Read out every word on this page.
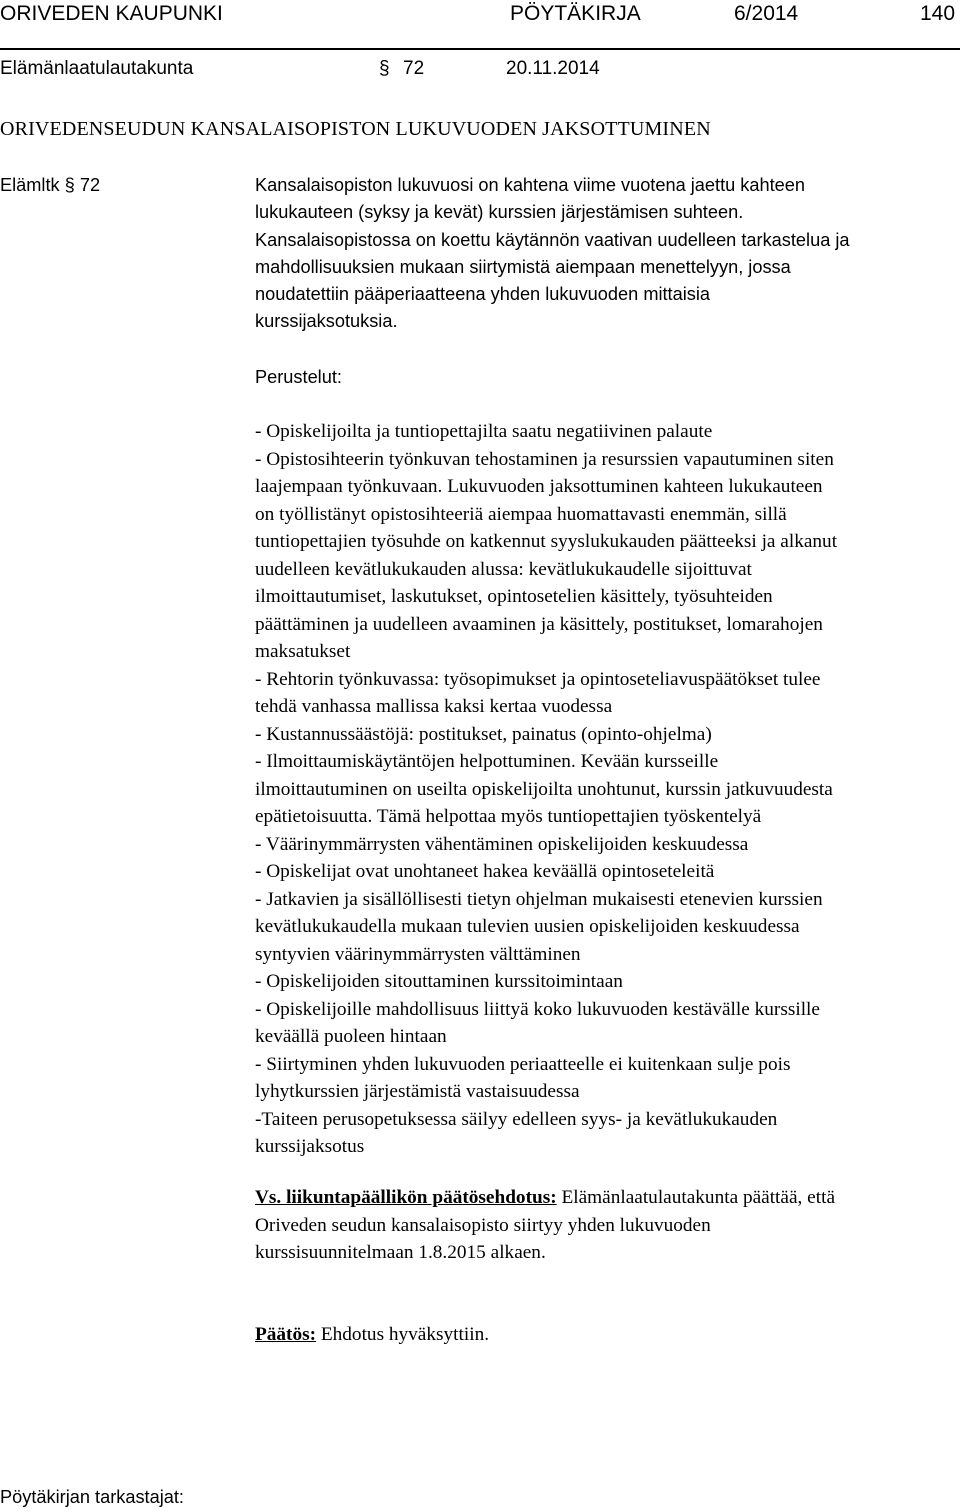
ORIVEDEN KAUPUNKI	PÖYTÄKIRJA	6/2014	140
Elämänlaatulautakunta	§ 72	20.11.2014
ORIVEDENSEUDUN KANSALAISOPISTON LUKUVUODEN JAKSOTTUMINEN
Elämltk § 72	Kansalaisopiston lukuvuosi on kahtena viime vuotena jaettu kahteen
lukukauteen (syksy ja kevät) kurssien järjestämisen suhteen.
Kansalaisopistossa on koettu käytännön vaativan uudelleen tarkastelua ja
mahdollisuuksien mukaan siirtymistä aiempaan menettelyyn, jossa
noudatettiin pääperiaatteena yhden lukuvuoden mittaisia
kurssijaksotuksia.
Perustelut:
- Opiskelijoilta ja tuntiopettajilta saatu negatiivinen palaute
- Opistosihteerin työnkuvan tehostaminen ja resurssien vapautuminen siten
laajempaan työnkuvaan. Lukuvuoden jaksottuminen kahteen lukukauteen
on työllistänyt opistosihteeriä aiempaa huomattavasti enemmän, sillä
tuntiopettajien työsuhde on katkennut syyslukukauden päätteeksi ja alkanut
uudelleen kevätlukukauden alussa: kevätlukukaudelle sijoittuvat
ilmoittautumiset, laskutukset, opintosetelien käsittely, työsuhteiden
päättäminen ja uudelleen avaaminen ja käsittely, postitukset, lomarahojen
maksatukset
- Rehtorin työnkuvassa: työsopimukset ja opintoseteliavuspäätökset tulee
tehdä vanhassa mallissa kaksi kertaa vuodessa
- Kustannussäästöjä: postitukset, painatus (opinto-ohjelma)
- Ilmoittaumiskäytäntöjen helpottuminen. Kevään kursseille
ilmoittautuminen on useilta opiskelijoilta unohtunut, kurssin jatkuvuudesta
epätietoisuutta. Tämä helpottaa myös tuntiopettajien työskentelyä
- Väärinymmärrysten vähentäminen opiskelijoiden keskuudessa
- Opiskelijat ovat unohtaneet hakea keväällä opintoseteleitä
- Jatkavien ja sisällöllisesti tietyn ohjelman mukaisesti etenevien kurssien
kevätlukukaudella mukaan tulevien uusien opiskelijoiden keskuudessa
syntyvien väärinymmärrysten välttäminen
- Opiskelijoiden sitouttaminen kurssitoimintaan
- Opiskelijoille mahdollisuus liittyä koko lukuvuoden kestävälle kurssille
keväällä puoleen hintaan
- Siirtyminen yhden lukuvuoden periaatteelle ei kuitenkaan sulje pois
lyhytkurssien järjestämistä vastaisuudessa
-Taiteen perusopetuksessa säilyy edelleen syys- ja kevätlukukauden
kurssijaksotus
Vs. liikuntapäällikön päätösehdotus: Elämänlaatulautakunta päättää, että
Oriveden seudun kansalaisopisto siirtyy yhden lukuvuoden
kurssisuunnitelmaan 1.8.2015 alkaen.
Päätös: Ehdotus hyväksyttiin.
Pöytäkirjan tarkastajat:
